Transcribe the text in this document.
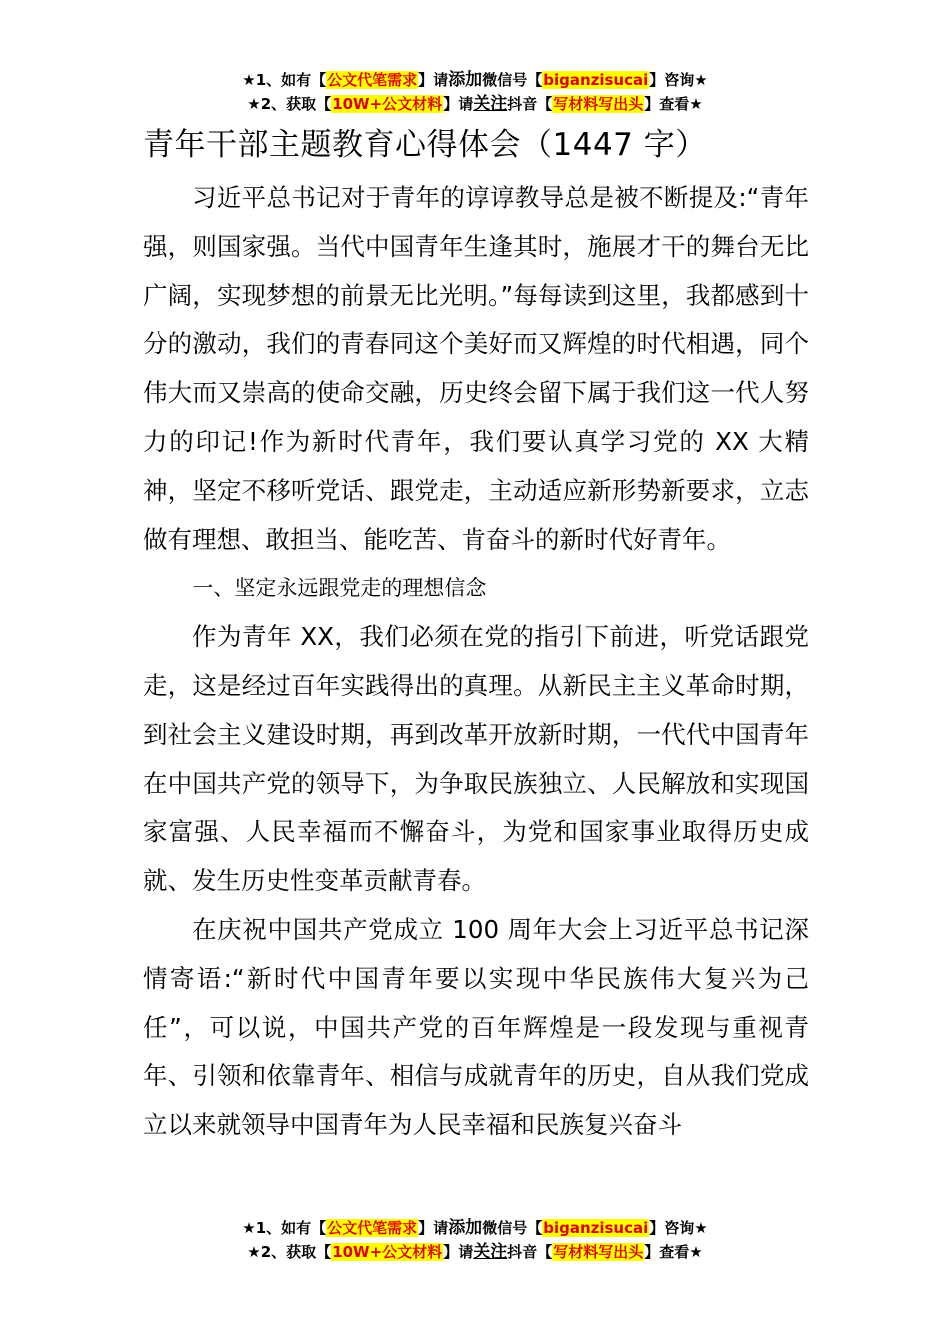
★1、如有【公文代笔需求】请添加微信号【biganzisucai】咨询★
★2、获取【10W+公文材料】请关注抖音【写材料写出头】查看★
青年干部主题教育心得体会（1447 字）

习近平总书记对于青年的谆谆教导总是被不断提及:“青年强，则国家强。当代中国青年生逢其时，施展才干的舞台无比广阔，实现梦想的前景无比光明。”每每读到这里，我都感到十分的激动，我们的青春同这个美好而又辉煌的时代相遇，同个伟大而又崇高的使命交融，历史终会留下属于我们这一代人努力的印记!作为新时代青年，我们要认真学习党的 XX 大精神，坚定不移听党话、跟党走，主动适应新形势新要求，立志做有理想、敢担当、能吃苦、肯奋斗的新时代好青年。

一、坚定永远跟党走的理想信念

作为青年 XX，我们必须在党的指引下前进，听党话跟党走，这是经过百年实践得出的真理。从新民主主义革命时期，到社会主义建设时期，再到改革开放新时期，一代代中国青年在中国共产党的领导下，为争取民族独立、人民解放和实现国家富强、人民幸福而不懈奋斗，为党和国家事业取得历史成就、发生历史性变革贡献青春。

在庆祝中国共产党成立 100 周年大会上习近平总书记深情寄语:“新时代中国青年要以实现中华民族伟大复兴为己任”，可以说，中国共产党的百年辉煌是一段发现与重视青年、引领和依靠青年、相信与成就青年的历史，自从我们党成立以来就领导中国青年为人民幸福和民族复兴奋斗

★1、如有【公文代笔需求】请添加微信号【biganzisucai】咨询★
★2、获取【10W+公文材料】请关注抖音【写材料写出头】查看★
